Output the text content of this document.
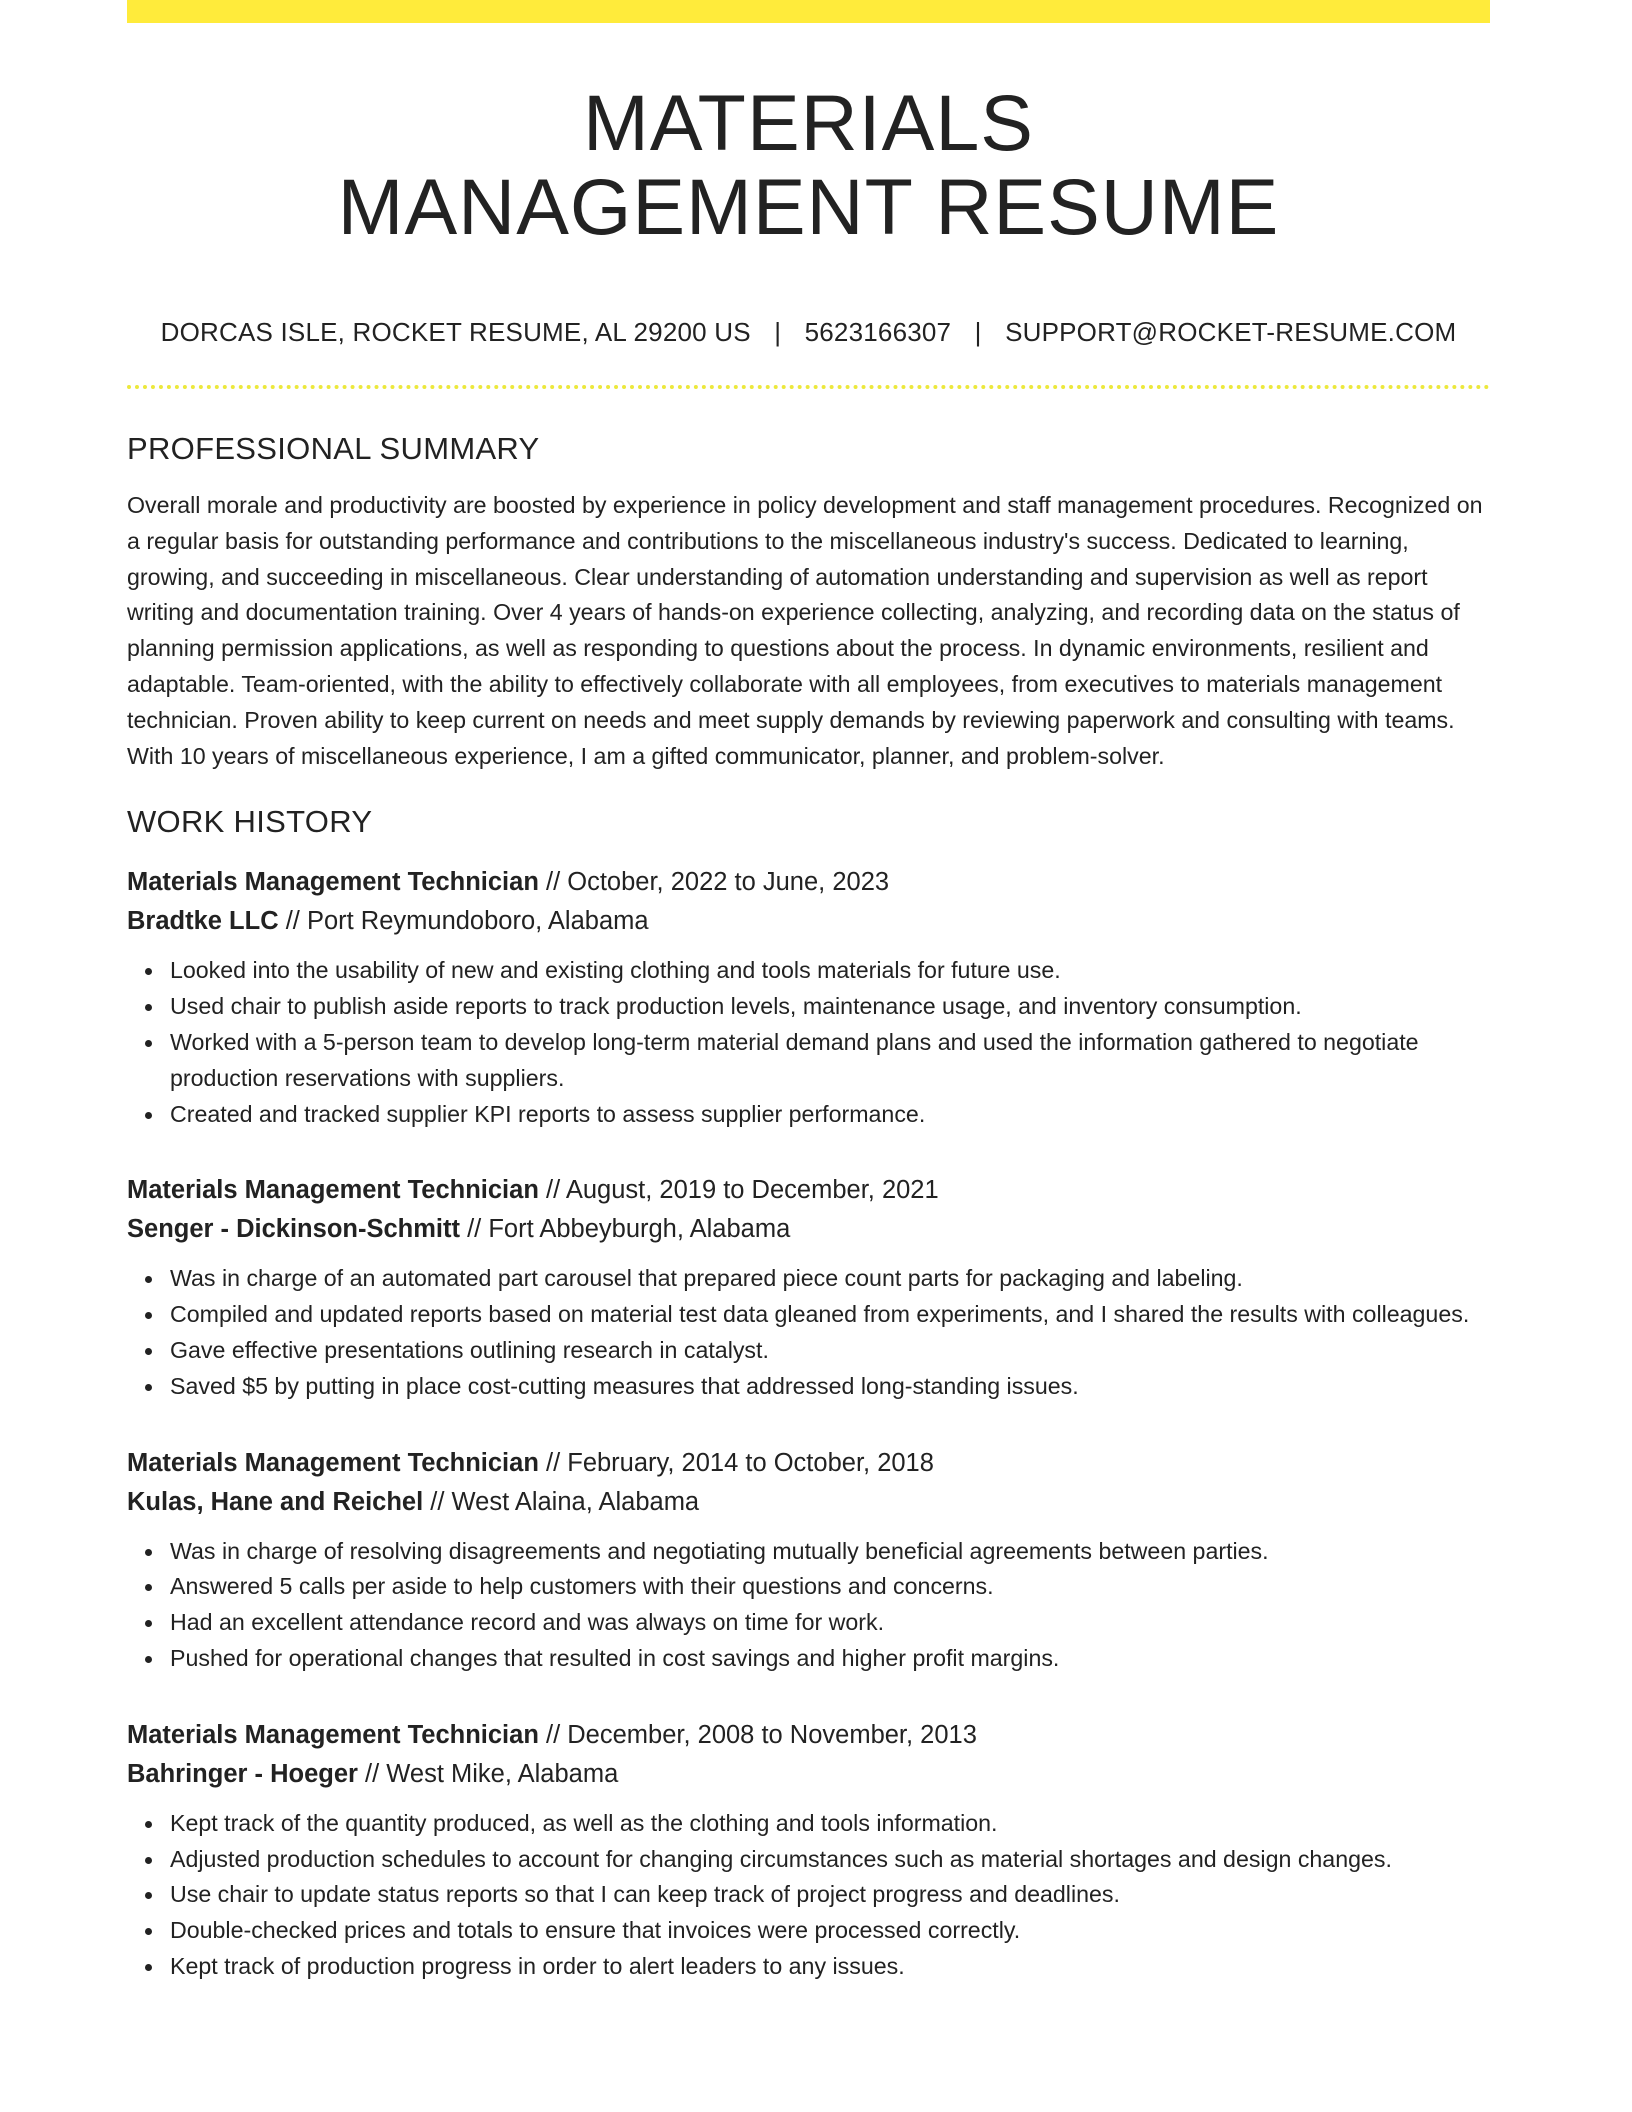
MATERIALS
MANAGEMENT RESUME
DORCAS ISLE, ROCKET RESUME, AL 29200 US | 5623166307 | SUPPORT@ROCKET-RESUME.COM
PROFESSIONAL SUMMARY

Overall morale and productivity are boosted by experience in policy development and staff management procedures. Recognized on a regular basis for outstanding performance and contributions to the miscellaneous industry's success. Dedicated to learning, growing, and succeeding in miscellaneous. Clear understanding of automation understanding and supervision as well as report writing and documentation training. Over 4 years of hands-on experience collecting, analyzing, and recording data on the status of planning permission applications, as well as responding to questions about the process. In dynamic environments, resilient and adaptable. Team-oriented, with the ability to effectively collaborate with all employees, from executives to materials management technician. Proven ability to keep current on needs and meet supply demands by reviewing paperwork and consulting with teams. With 10 years of miscellaneous experience, I am a gifted communicator, planner, and problem-solver.

WORK HISTORY
Materials Management Technician // October, 2022 to June, 2023
Bradtke LLC // Port Reymundoboro, Alabama
Looked into the usability of new and existing clothing and tools materials for future use.
Used chair to publish aside reports to track production levels, maintenance usage, and inventory consumption.
Worked with a 5-person team to develop long-term material demand plans and used the information gathered to negotiate production reservations with suppliers.
Created and tracked supplier KPI reports to assess supplier performance.
Materials Management Technician // August, 2019 to December, 2021
Senger - Dickinson-Schmitt // Fort Abbeyburgh, Alabama
Was in charge of an automated part carousel that prepared piece count parts for packaging and labeling.
Compiled and updated reports based on material test data gleaned from experiments, and I shared the results with colleagues.
Gave effective presentations outlining research in catalyst.
Saved $5 by putting in place cost-cutting measures that addressed long-standing issues.
Materials Management Technician // February, 2014 to October, 2018
Kulas, Hane and Reichel // West Alaina, Alabama
Was in charge of resolving disagreements and negotiating mutually beneficial agreements between parties.
Answered 5 calls per aside to help customers with their questions and concerns.
Had an excellent attendance record and was always on time for work.
Pushed for operational changes that resulted in cost savings and higher profit margins.
Materials Management Technician // December, 2008 to November, 2013
Bahringer - Hoeger // West Mike, Alabama
Kept track of the quantity produced, as well as the clothing and tools information.
Adjusted production schedules to account for changing circumstances such as material shortages and design changes.
Use chair to update status reports so that I can keep track of project progress and deadlines.
Double-checked prices and totals to ensure that invoices were processed correctly.
Kept track of production progress in order to alert leaders to any issues.
